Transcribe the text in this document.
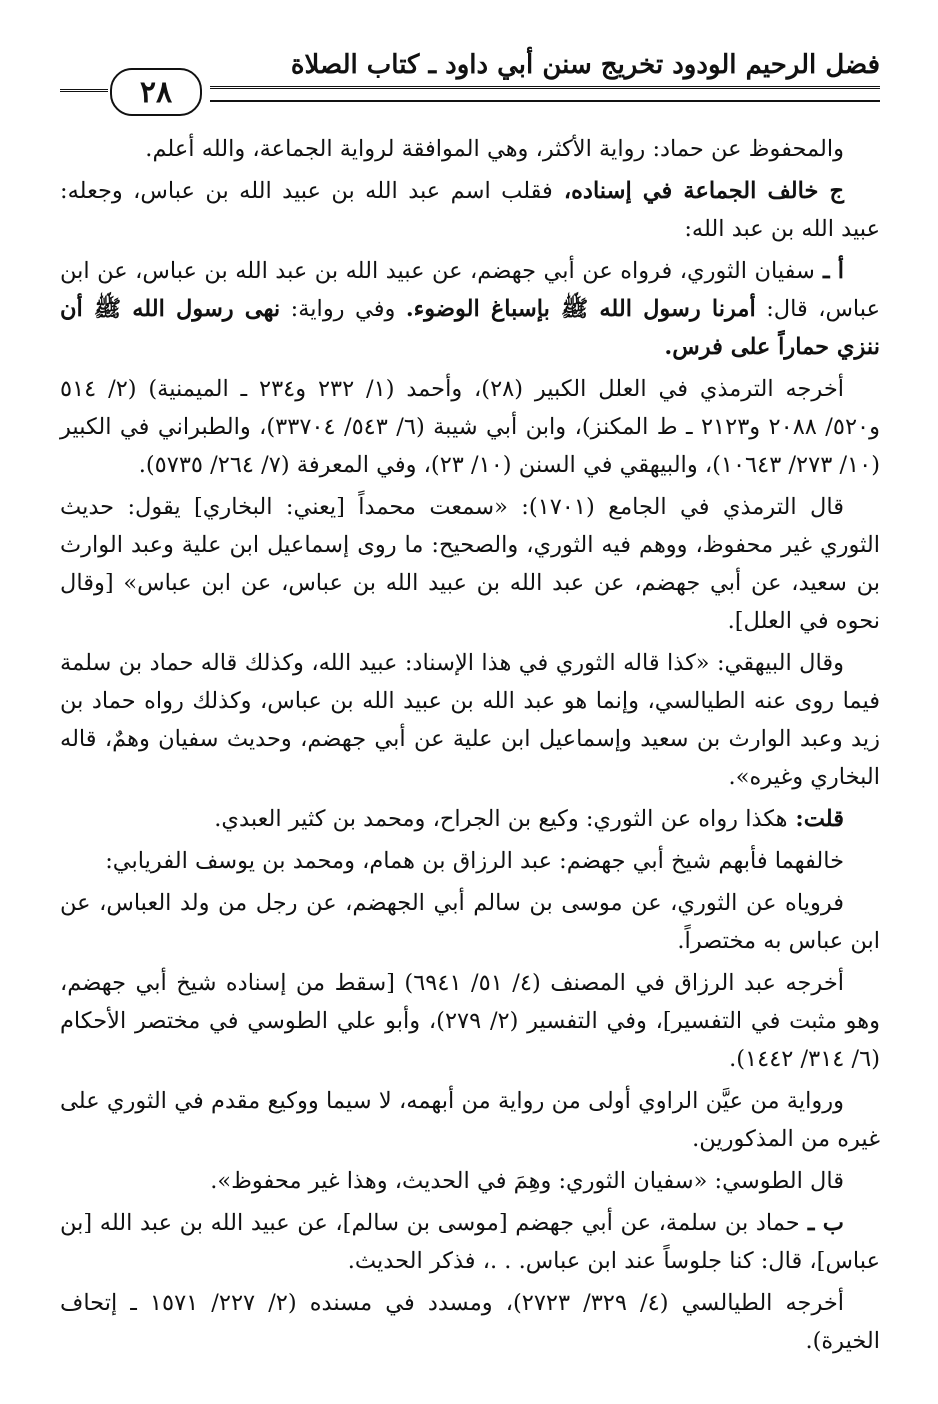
فضل الرحيم الودود تخريج سنن أبي داود ـ كتاب الصلاة
٢٨

والمحفوظ عن حماد: رواية الأكثر، وهي الموافقة لرواية الجماعة، والله أعلم.

ج خالف الجماعة في إسناده، فقلب اسم عبد الله بن عبيد الله بن عباس، وجعله: عبيد الله بن عبد الله:

أ ـ سفيان الثوري، فرواه عن أبي جهضم، عن عبيد الله بن عبد الله بن عباس، عن ابن عباس، قال: أمرنا رسول الله ﷺ بإسباغ الوضوء. وفي رواية: نهى رسول الله ﷺ أن ننزي حماراً على فرس.

أخرجه الترمذي في العلل الكبير (٢٨)، وأحمد (١/ ٢٣٢ و٢٣٤ ـ الميمنية) (٢/ ٥١٤ و٥٢٠/ ٢٠٨٨ و٢١٢٣ ـ ط المكنز)، وابن أبي شيبة (٦/ ٥٤٣/ ٣٣٧٠٤)، والطبراني في الكبير (١٠/ ٢٧٣/ ١٠٦٤٣)، والبيهقي في السنن (١٠/ ٢٣)، وفي المعرفة (٧/ ٢٦٤/ ٥٧٣٥).

قال الترمذي في الجامع (١٧٠١): «سمعت محمداً [يعني: البخاري] يقول: حديث الثوري غير محفوظ، ووهم فيه الثوري، والصحيح: ما روى إسماعيل ابن علية وعبد الوارث بن سعيد، عن أبي جهضم، عن عبد الله بن عبيد الله بن عباس، عن ابن عباس» [وقال نحوه في العلل].

وقال البيهقي: «كذا قاله الثوري في هذا الإسناد: عبيد الله، وكذلك قاله حماد بن سلمة فيما روى عنه الطيالسي، وإنما هو عبد الله بن عبيد الله بن عباس، وكذلك رواه حماد بن زيد وعبد الوارث بن سعيد وإسماعيل ابن علية عن أبي جهضم، وحديث سفيان وهمٌ، قاله البخاري وغيره».

قلت: هكذا رواه عن الثوري: وكيع بن الجراح، ومحمد بن كثير العبدي.

خالفهما فأبهم شيخ أبي جهضم: عبد الرزاق بن همام، ومحمد بن يوسف الفريابي:

فروياه عن الثوري، عن موسى بن سالم أبي الجهضم، عن رجل من ولد العباس، عن ابن عباس به مختصراً.

أخرجه عبد الرزاق في المصنف (٤/ ٥١/ ٦٩٤١) [سقط من إسناده شيخ أبي جهضم، وهو مثبت في التفسير]، وفي التفسير (٢/ ٢٧٩)، وأبو علي الطوسي في مختصر الأحكام (٦/ ٣١٤/ ١٤٤٢).

ورواية من عيَّن الراوي أولى من رواية من أبهمه، لا سيما ووكيع مقدم في الثوري على غيره من المذكورين.

قال الطوسي: «سفيان الثوري: وهِمَ في الحديث، وهذا غير محفوظ».

ب ـ حماد بن سلمة، عن أبي جهضم [موسى بن سالم]، عن عبيد الله بن عبد الله [بن عباس]، قال: كنا جلوساً عند ابن عباس. . .، فذكر الحديث.

أخرجه الطيالسي (٤/ ٣٢٩/ ٢٧٢٣)، ومسدد في مسنده (٢/ ٢٢٧/ ١٥٧١ ـ إتحاف الخيرة).
